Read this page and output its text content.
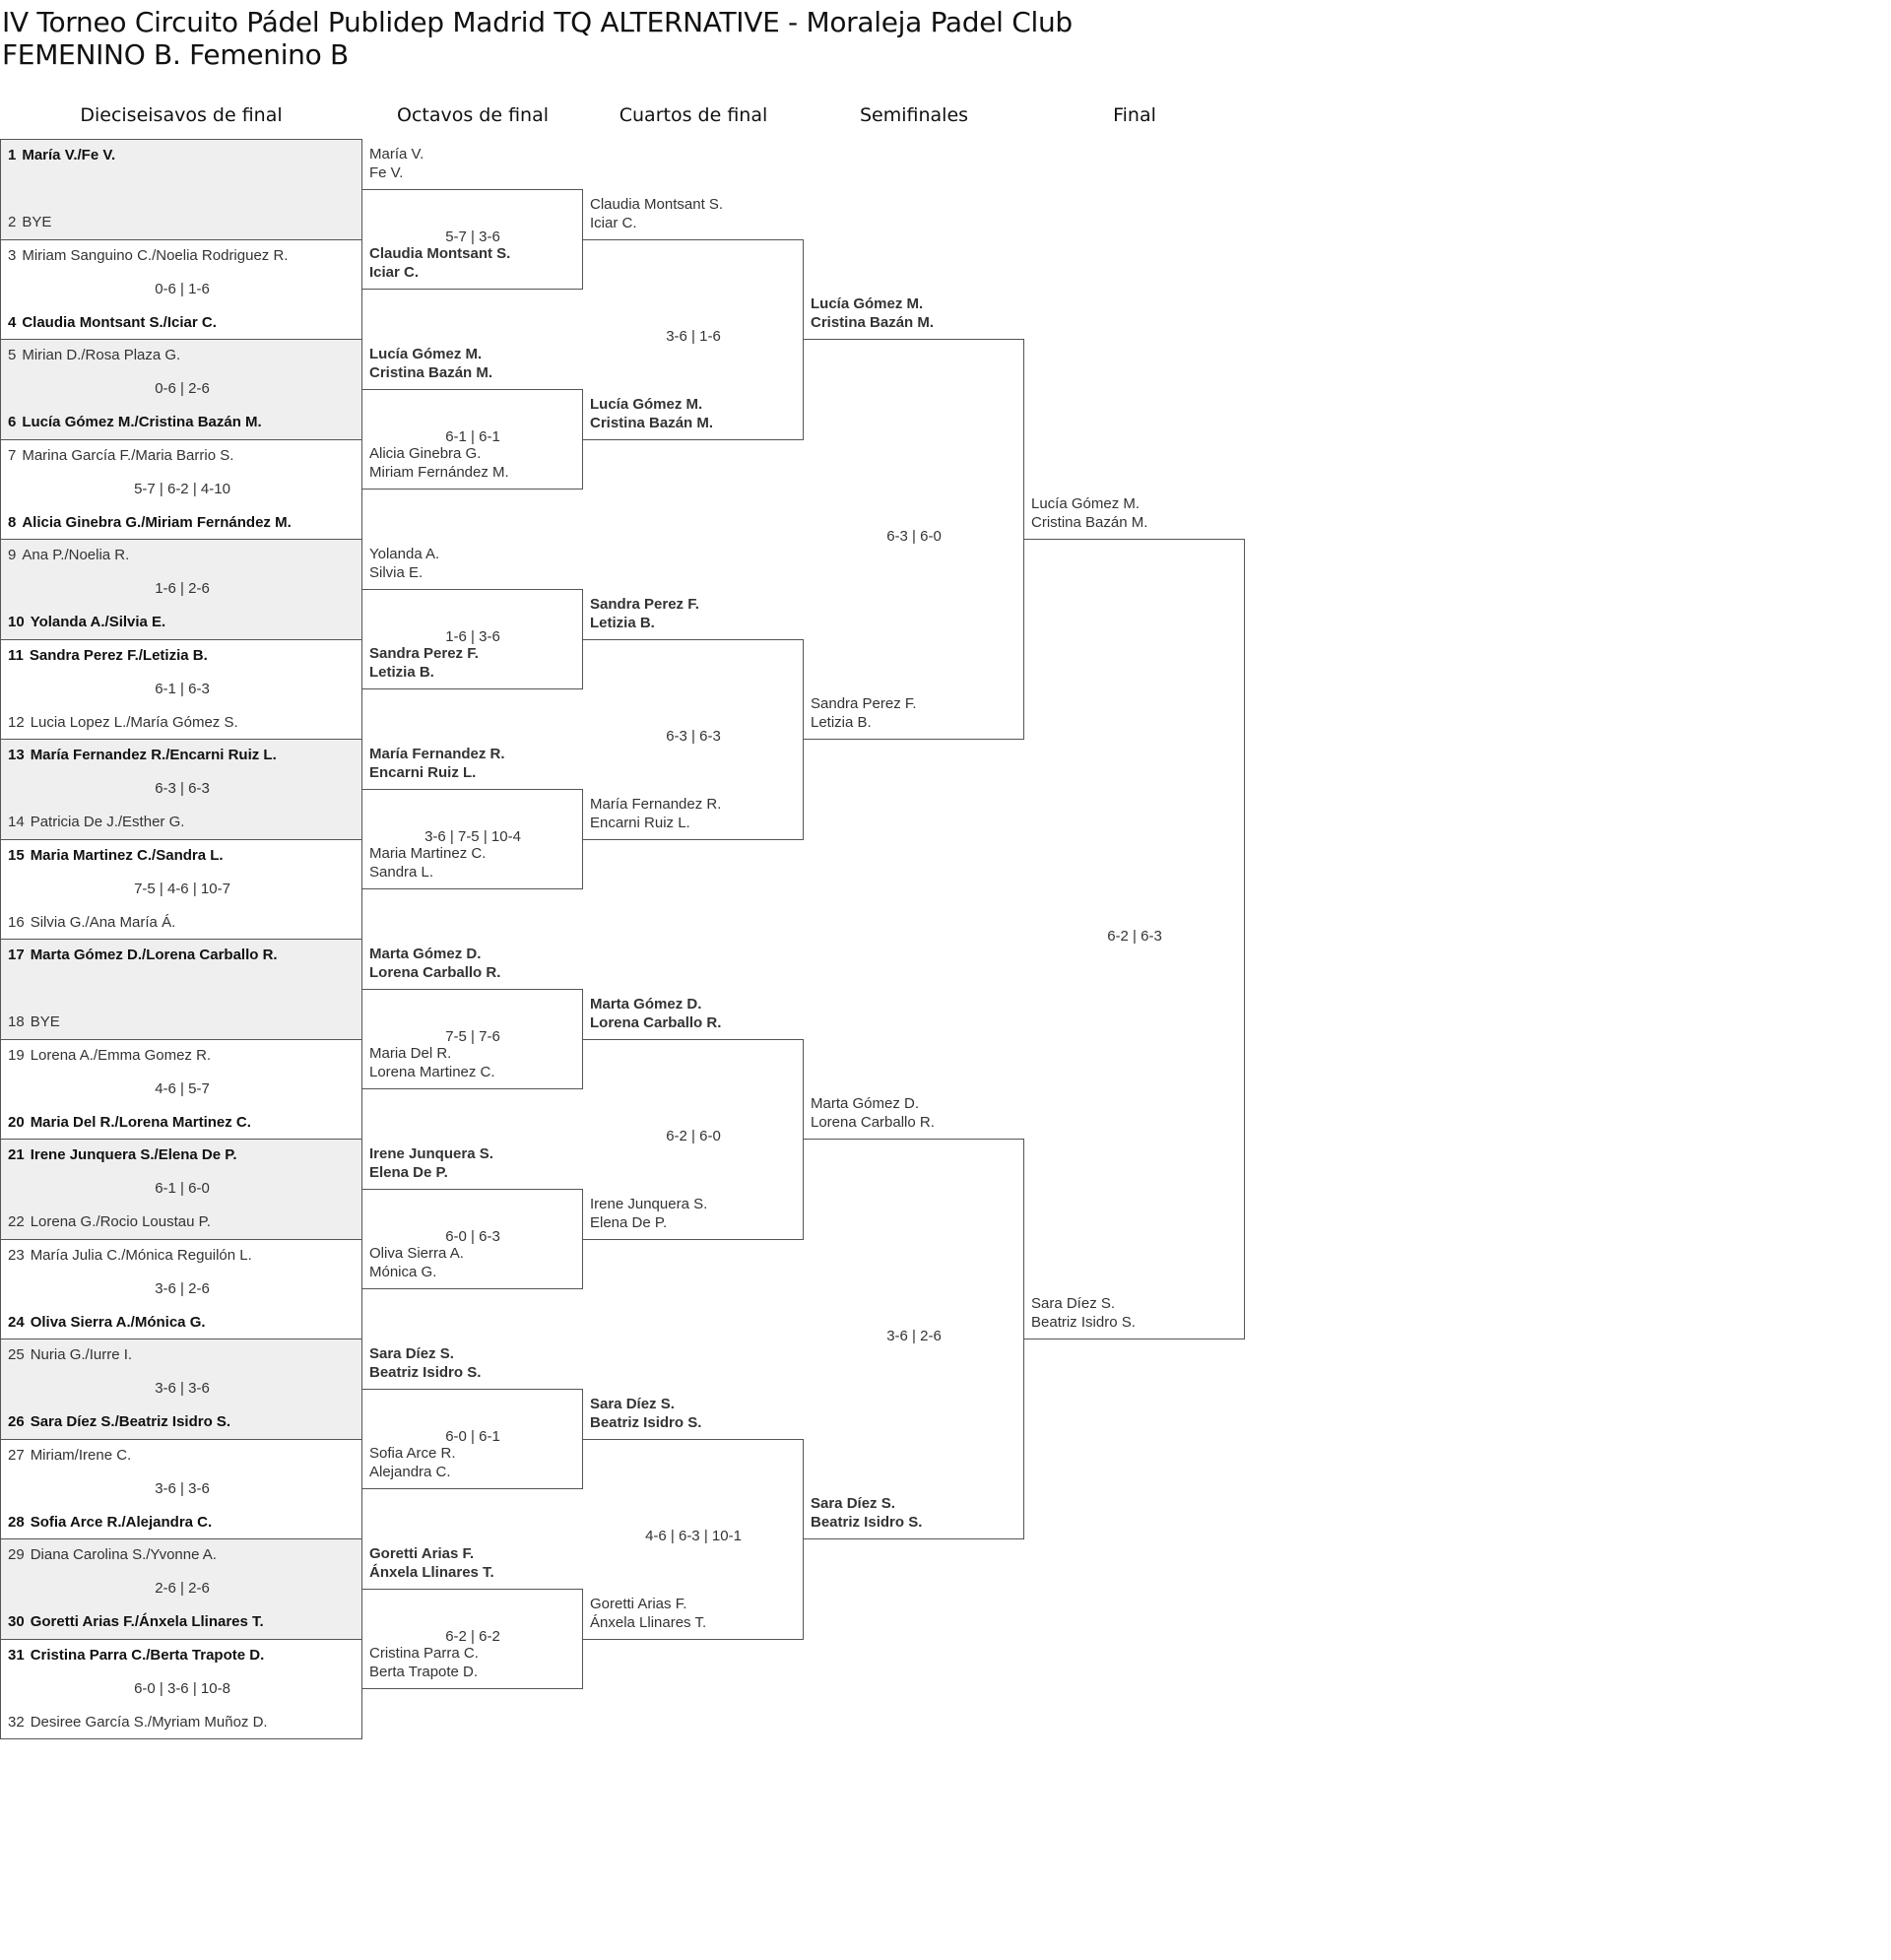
IV Torneo Circuito Pádel Publidep Madrid TQ ALTERNATIVE - Moraleja Padel Club
FEMENINO B. Femenino B
Dieciseisavos de final	Octavos de final	Cuartos de final	Semifinales	Final
1 María V./Fe V.
2 BYE
3 Miriam Sanguino C./Noelia Rodriguez R.
0-6 | 1-6
4 Claudia Montsant S./Iciar C.
5 Mirian D./Rosa Plaza G.
0-6 | 2-6
6 Lucía Gómez M./Cristina Bazán M.
7 Marina García F./Maria Barrio S.
5-7 | 6-2 | 4-10
8 Alicia Ginebra G./Miriam Fernández M.
9 Ana P./Noelia R.
1-6 | 2-6
10 Yolanda A./Silvia E.
11 Sandra Perez F./Letizia B.
6-1 | 6-3
12 Lucia Lopez L./María Gómez S.
13 María Fernandez R./Encarni Ruiz L.
6-3 | 6-3
14 Patricia De J./Esther G.
15 Maria Martinez C./Sandra L.
7-5 | 4-6 | 10-7
16 Silvia G./Ana María Á.
17 Marta Gómez D./Lorena Carballo R.
18 BYE
19 Lorena A./Emma Gomez R.
4-6 | 5-7
20 Maria Del R./Lorena Martinez C.
21 Irene Junquera S./Elena De P.
6-1 | 6-0
22 Lorena G./Rocio Loustau P.
23 María Julia C./Mónica Reguilón L.
3-6 | 2-6
24 Oliva Sierra A./Mónica G.
25 Nuria G./Iurre I.
3-6 | 3-6
26 Sara Díez S./Beatriz Isidro S.
27 Miriam/Irene C.
3-6 | 3-6
28 Sofia Arce R./Alejandra C.
29 Diana Carolina S./Yvonne A.
2-6 | 2-6
30 Goretti Arias F./Ánxela Llinares T.
31 Cristina Parra C./Berta Trapote D.
6-0 | 3-6 | 10-8
32 Desiree García S./Myriam Muñoz D.
María V.
Fe V.
Claudia Montsant S.
Iciar C.
5-7 | 3-6
Lucía Gómez M.
Cristina Bazán M.
Alicia Ginebra G.
Miriam Fernández M.
6-1 | 6-1
Yolanda A.
Silvia E.
Sandra Perez F.
Letizia B.
1-6 | 3-6
María Fernandez R.
Encarni Ruiz L.
Maria Martinez C.
Sandra L.
3-6 | 7-5 | 10-4
Marta Gómez D.
Lorena Carballo R.
Maria Del R.
Lorena Martinez C.
7-5 | 7-6
Irene Junquera S.
Elena De P.
Oliva Sierra A.
Mónica G.
6-0 | 6-3
Sara Díez S.
Beatriz Isidro S.
Sofia Arce R.
Alejandra C.
6-0 | 6-1
Goretti Arias F.
Ánxela Llinares T.
Cristina Parra C.
Berta Trapote D.
6-2 | 6-2
Claudia Montsant S.
Iciar C.
Lucía Gómez M.
Cristina Bazán M.
3-6 | 1-6
Sandra Perez F.
Letizia B.
María Fernandez R.
Encarni Ruiz L.
6-3 | 6-3
Marta Gómez D.
Lorena Carballo R.
Irene Junquera S.
Elena De P.
6-2 | 6-0
Sara Díez S.
Beatriz Isidro S.
Goretti Arias F.
Ánxela Llinares T.
4-6 | 6-3 | 10-1
Lucía Gómez M.
Cristina Bazán M.
Sandra Perez F.
Letizia B.
6-3 | 6-0
Marta Gómez D.
Lorena Carballo R.
Sara Díez S.
Beatriz Isidro S.
3-6 | 2-6
Lucía Gómez M.
Cristina Bazán M.
Sara Díez S.
Beatriz Isidro S.
6-2 | 6-3
